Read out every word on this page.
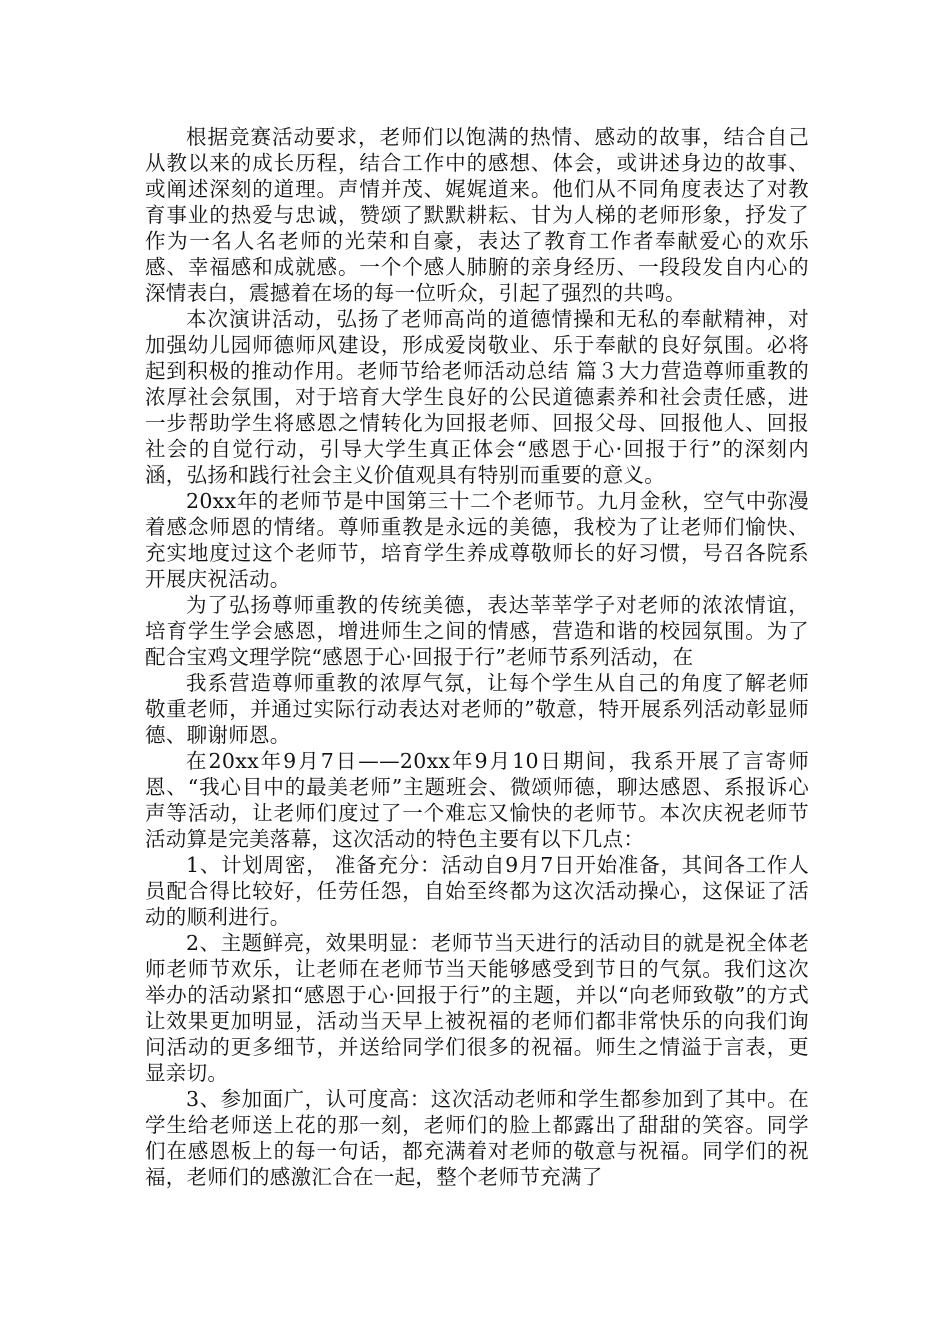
根据竞赛活动要求，老师们以饱满的热情、感动的故事，结合自己从教以来的成长历程，结合工作中的感想、体会，或讲述身边的故事、或阐述深刻的道理。声情并茂、娓娓道来。他们从不同角度表达了对教育事业的热爱与忠诚，赞颂了默默耕耘、甘为人梯的老师形象，抒发了作为一名人名老师的光荣和自豪，表达了教育工作者奉献爱心的欢乐感、幸福感和成就感。一个个感人肺腑的亲身经历、一段段发自内心的深情表白，震撼着在场的每一位听众，引起了强烈的共鸣。

本次演讲活动，弘扬了老师高尚的道德情操和无私的奉献精神，对加强幼儿园师德师风建设，形成爱岗敬业、乐于奉献的良好氛围。必将起到积极的推动作用。老师节给老师活动总结 篇３大力营造尊师重教的浓厚社会氛围，对于培育大学生良好的公民道德素养和社会责任感，进一步帮助学生将感恩之情转化为回报老师、回报父母、回报他人、回报社会的自觉行动，引导大学生真正体会“感恩于心·回报于行”的深刻内涵，弘扬和践行社会主义价值观具有特别而重要的意义。

20xx年的老师节是中国第三十二个老师节。九月金秋，空气中弥漫着感念师恩的情绪。尊师重教是永远的美德，我校为了让老师们愉快、充实地度过这个老师节，培育学生养成尊敬师长的好习惯，号召各院系开展庆祝活动。

为了弘扬尊师重教的传统美德，表达莘莘学子对老师的浓浓情谊，培育学生学会感恩，增进师生之间的情感，营造和谐的校园氛围。为了配合宝鸡文理学院“感恩于心·回报于行”老师节系列活动，在

我系营造尊师重教的浓厚气氛，让每个学生从自己的角度了解老师敬重老师，并通过实际行动表达对老师的”敬意，特开展系列活动彰显师德、聊谢师恩。

在20xx年9月7日——20xx年9月10日期间，我系开展了言寄师恩、“我心目中的最美老师”主题班会、微颂师德，聊达感恩、系报诉心声等活动，让老师们度过了一个难忘又愉快的老师节。本次庆祝老师节活动算是完美落幕，这次活动的特色主要有以下几点：

1、计划周密， 准备充分：活动自9月7日开始准备，其间各工作人员配合得比较好，任劳任怨，自始至终都为这次活动操心，这保证了活动的顺利进行。

2、主题鲜亮，效果明显：老师节当天进行的活动目的就是祝全体老师老师节欢乐，让老师在老师节当天能够感受到节日的气氛。我们这次举办的活动紧扣“感恩于心·回报于行”的主题，并以“向老师致敬”的方式让效果更加明显，活动当天早上被祝福的老师们都非常快乐的向我们询问活动的更多细节，并送给同学们很多的祝福。师生之情溢于言表，更显亲切。

3、参加面广，认可度高：这次活动老师和学生都参加到了其中。在学生给老师送上花的那一刻，老师们的脸上都露出了甜甜的笑容。同学们在感恩板上的每一句话，都充满着对老师的敬意与祝福。同学们的祝福，老师们的感激汇合在一起，整个老师节充满了
